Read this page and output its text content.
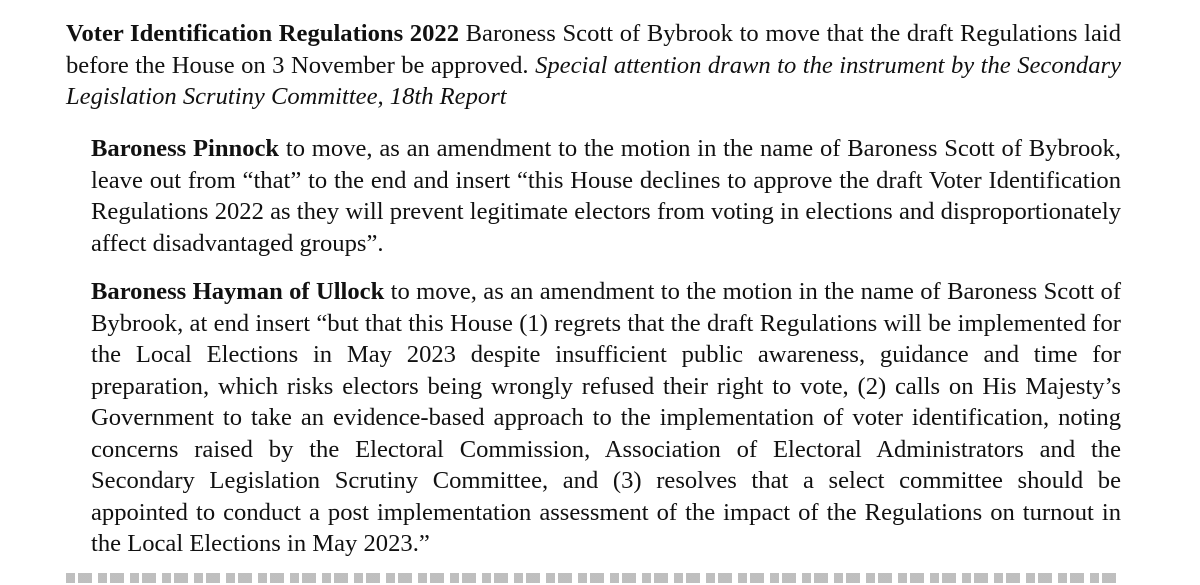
Voter Identification Regulations 2022 Baroness Scott of Bybrook to move that the draft Regulations laid before the House on 3 November be approved. Special attention drawn to the instrument by the Secondary Legislation Scrutiny Committee, 18th Report

Baroness Pinnock to move, as an amendment to the motion in the name of Baroness Scott of Bybrook, leave out from “that” to the end and insert “this House declines to approve the draft Voter Identification Regulations 2022 as they will prevent legitimate electors from voting in elections and disproportionately affect disadvantaged groups”.

Baroness Hayman of Ullock to move, as an amendment to the motion in the name of Baroness Scott of Bybrook, at end insert “but that this House (1) regrets that the draft Regulations will be implemented for the Local Elections in May 2023 despite insufficient public awareness, guidance and time for preparation, which risks electors being wrongly refused their right to vote, (2) calls on His Majesty’s Government to take an evidence-based approach to the implementation of voter identification, noting concerns raised by the Electoral Commission, Association of Electoral Administrators and the Secondary Legislation Scrutiny Committee, and (3) resolves that a select committee should be appointed to conduct a post implementation assessment of the impact of the Regulations on turnout in the Local Elections in May 2023.”
